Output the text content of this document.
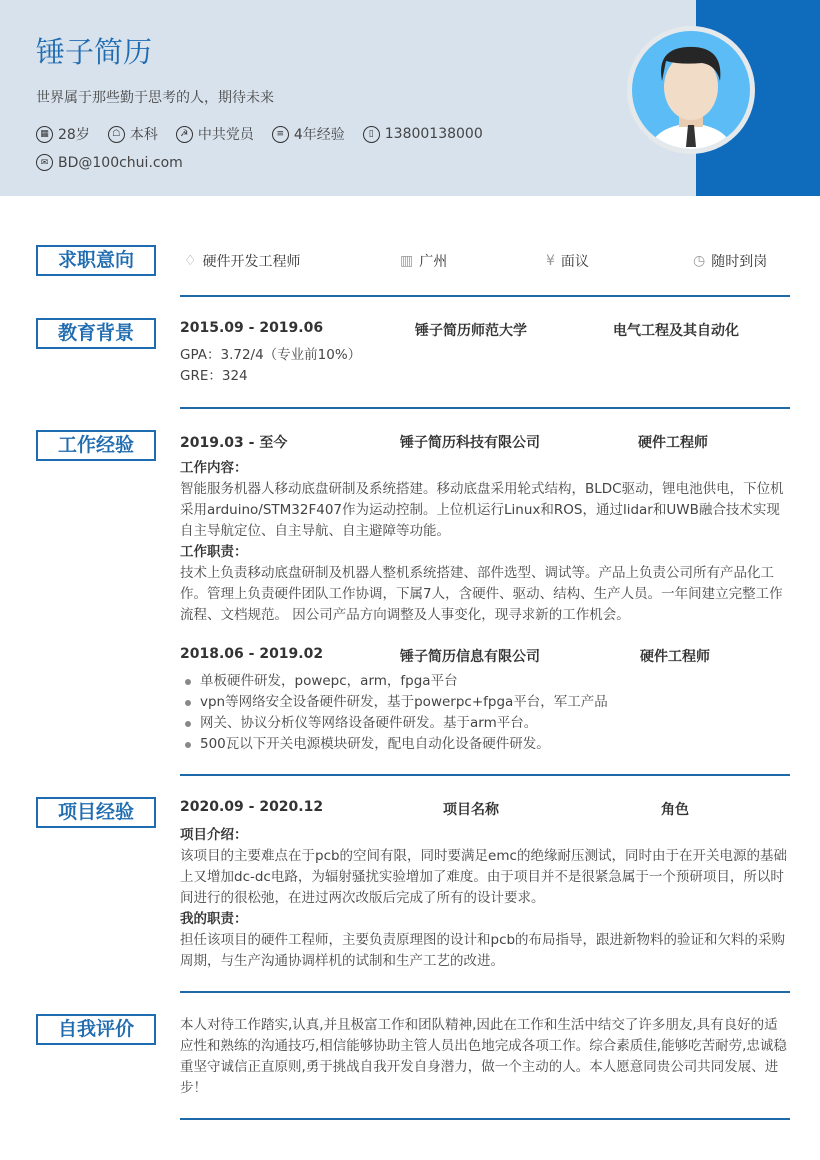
锤子简历
世界属于那些勤于思考的人，期待未来
▦ 28岁	☖ 本科	☭ 中共党员	≡ 4年经验	▯ 13800138000
✉ BD@100chui.com
求职意向	♢ 硬件开发工程师	▥ 广州	¥ 面议	◷ 随时到岗
教育背景	2015.09 - 2019.06	锤子简历师范大学	电气工程及其自动化
GPA：3.72/4（专业前10%）
GRE：324
工作经验	2019.03 - 至今	锤子简历科技有限公司	硬件工程师
工作内容：
智能服务机器人移动底盘研制及系统搭建。移动底盘采用轮式结构，BLDC驱动，锂电池供电，下位机采用arduino/STM32F407作为运动控制。上位机运行Linux和ROS，通过lidar和UWB融合技术实现自主导航定位、自主导航、自主避障等功能。
工作职责：
技术上负责移动底盘研制及机器人整机系统搭建、部件选型、调试等。产品上负责公司所有产品化工作。管理上负责硬件团队工作协调，下属7人，含硬件、驱动、结构、生产人员。一年间建立完整工作流程、文档规范。 因公司产品方向调整及人事变化，现寻求新的工作机会。
2018.06 - 2019.02	锤子简历信息有限公司	硬件工程师
单板硬件研发，powepc，arm，fpga平台
vpn等网络安全设备硬件研发，基于powerpc+fpga平台，军工产品
网关、协议分析仪等网络设备硬件研发。基于arm平台。
500瓦以下开关电源模块研发，配电自动化设备硬件研发。
项目经验	2020.09 - 2020.12	项目名称	角色
项目介绍：
该项目的主要难点在于pcb的空间有限，同时要满足emc的绝缘耐压测试，同时由于在开关电源的基础上又增加dc-dc电路，为辐射骚扰实验增加了难度。由于项目并不是很紧急属于一个预研项目，所以时间进行的很松弛，在进过两次改版后完成了所有的设计要求。
我的职责：
担任该项目的硬件工程师，主要负责原理图的设计和pcb的布局指导，跟进新物料的验证和欠料的采购周期，与生产沟通协调样机的试制和生产工艺的改进。
自我评价	本人对待工作踏实,认真,并且极富工作和团队精神,因此在工作和生活中结交了许多朋友,具有良好的适应性和熟练的沟通技巧,相信能够协助主管人员出色地完成各项工作。综合素质佳,能够吃苦耐劳,忠诚稳重坚守诚信正直原则,勇于挑战自我开发自身潜力，做一个主动的人。本人愿意同贵公司共同发展、进步！
